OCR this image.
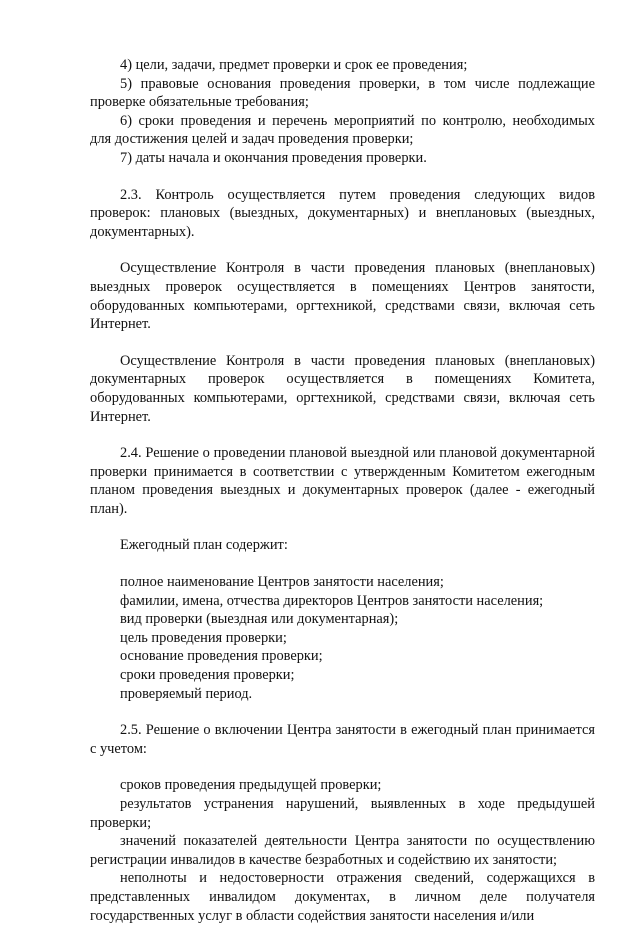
4) цели, задачи, предмет проверки и срок ее проведения;

5) правовые основания проведения проверки, в том числе подлежащие проверке обязательные требования;

6) сроки проведения и перечень мероприятий по контролю, необходимых для достижения целей и задач проведения проверки;

7) даты начала и окончания проведения проверки.

2.3. Контроль осуществляется путем проведения следующих видов проверок: плановых (выездных, документарных) и внеплановых (выездных, документарных).

Осуществление Контроля в части проведения плановых (внеплановых) выездных проверок осуществляется в помещениях Центров занятости, оборудованных компьютерами, оргтехникой, средствами связи, включая сеть Интернет.

Осуществление Контроля в части проведения плановых (внеплановых) документарных проверок осуществляется в помещениях Комитета, оборудованных компьютерами, оргтехникой, средствами связи, включая сеть Интернет.

2.4. Решение о проведении плановой выездной или плановой документарной проверки принимается в соответствии с утвержденным Комитетом ежегодным планом проведения выездных и документарных проверок (далее - ежегодный план).

Ежегодный план содержит:

полное наименование Центров занятости населения;

фамилии, имена, отчества директоров Центров занятости населения;

вид проверки (выездная или документарная);

цель проведения проверки;

основание проведения проверки;

сроки проведения проверки;

проверяемый период.

2.5. Решение о включении Центра занятости в ежегодный план принимается с учетом:

сроков проведения предыдущей проверки;

результатов устранения нарушений, выявленных в ходе предыдушей проверки;

значений показателей деятельности Центра занятости по осуществлению регистрации инвалидов в качестве безработных и содействию их занятости;

неполноты и недостоверности отражения сведений, содержащихся в представленных инвалидом документах, в личном деле получателя государственных услуг в области содействия занятости населения и/или
